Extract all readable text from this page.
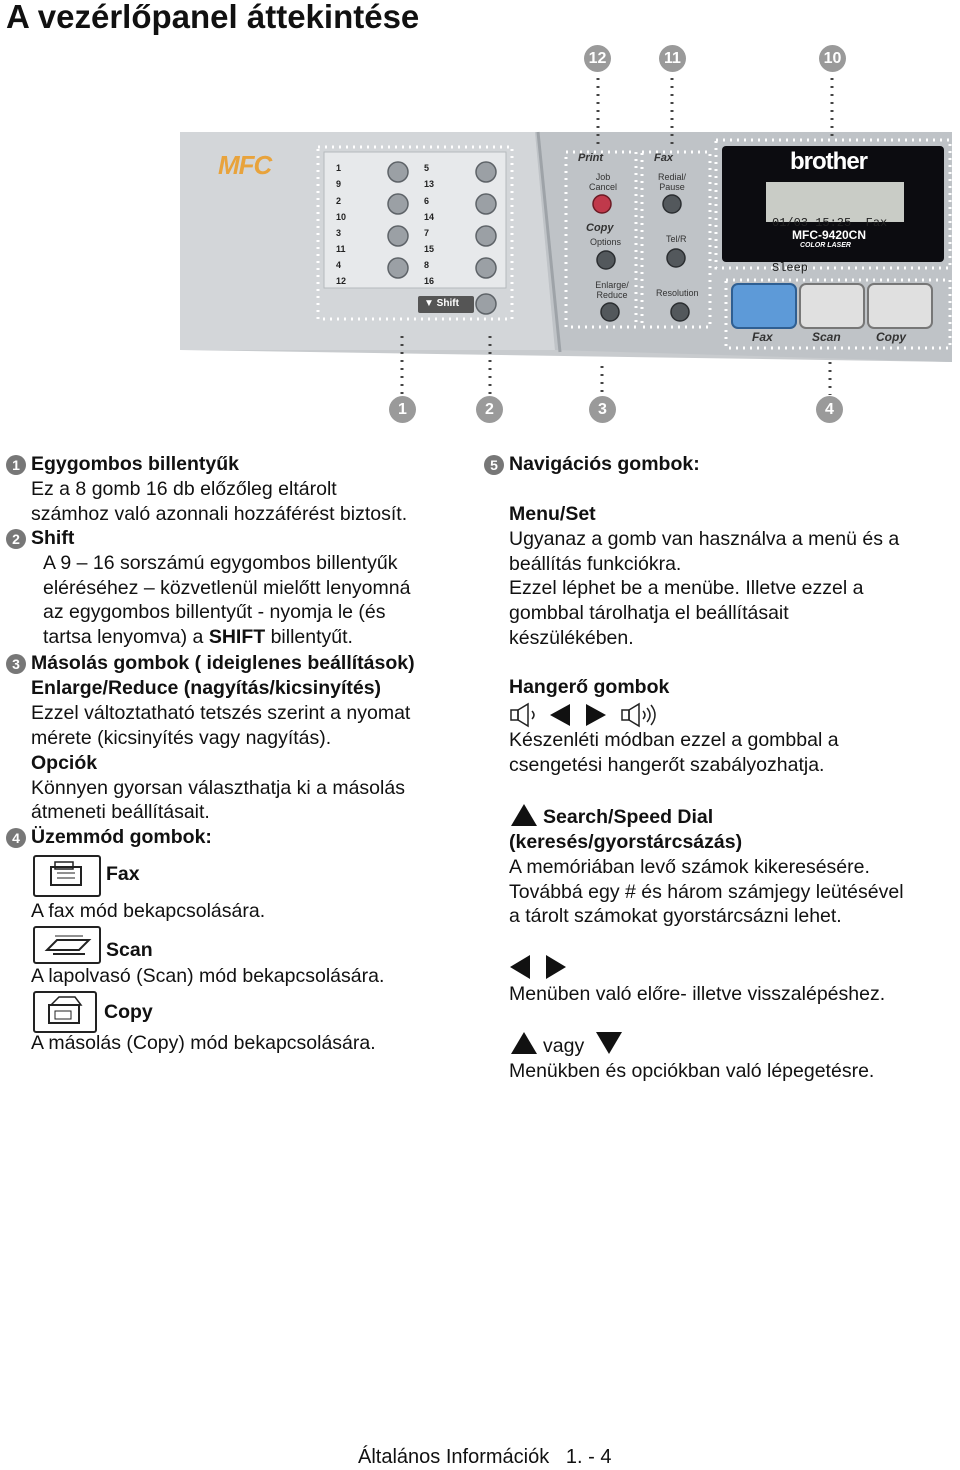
A vezérlőpanel áttekintése
12	11	10
1	2	3	4
MFC	1	5
9	13
2	6
10	14
3	7
11	15
4	8
12	16
▼ Shift
Print
Job Cancel
Copy
Options
Enlarge/ Reduce
Fax
Redial/ Pause
Tel/R
Resolution
brother

01/03 15:25  Fax

Sleep

MFC-9420CN
COLOR LASER
Fax	Scan	Copy
1 Egygombos billentyűk
Ez a 8 gomb 16 db előzőleg eltárolt
számhoz való azonnali hozzáférést biztosít.
2 Shift
A 9 – 16 sorszámú egygombos billentyűk
eléréséhez – közvetlenül mielőtt lenyomná
az egygombos billentyűt - nyomja le (és
tartsa lenyomva) a SHIFT billentyűt.
3 Másolás gombok ( ideiglenes beállítások)
Enlarge/Reduce (nagyítás/kicsinyítés)
Ezzel változtatható tetszés szerint a nyomat
mérete (kicsinyítés vagy nagyítás).
Opciók
Könnyen gyorsan választhatja ki a másolás
átmeneti beállításait.
4 Üzemmód gombok:
Fax
A fax mód bekapcsolására.
Scan
A lapolvasó (Scan) mód bekapcsolására.
Copy
A másolás (Copy) mód bekapcsolására.
5 Navigációs gombok:
Menu/Set
Ugyanaz a gomb van használva a menü és a
beállítás funkciókra.
Ezzel léphet be a menübe. Illetve ezzel a
gombbal tárolhatja el beállításait
készülékében.
Hangerő gombok
Készenléti módban ezzel a gombbal a
csengetési hangerőt szabályozhatja.
Search/Speed Dial
(keresés/gyorstárcsázás)
A memóriában levő számok kikeresésére.
Továbbá egy # és három számjegy leütésével
a tárolt számokat gyorstárcsázni lehet.
Menüben való előre- illetve visszalépéshez.
vagy
Menükben és opciókban való lépegetésre.
Általános Információk   1. - 4
